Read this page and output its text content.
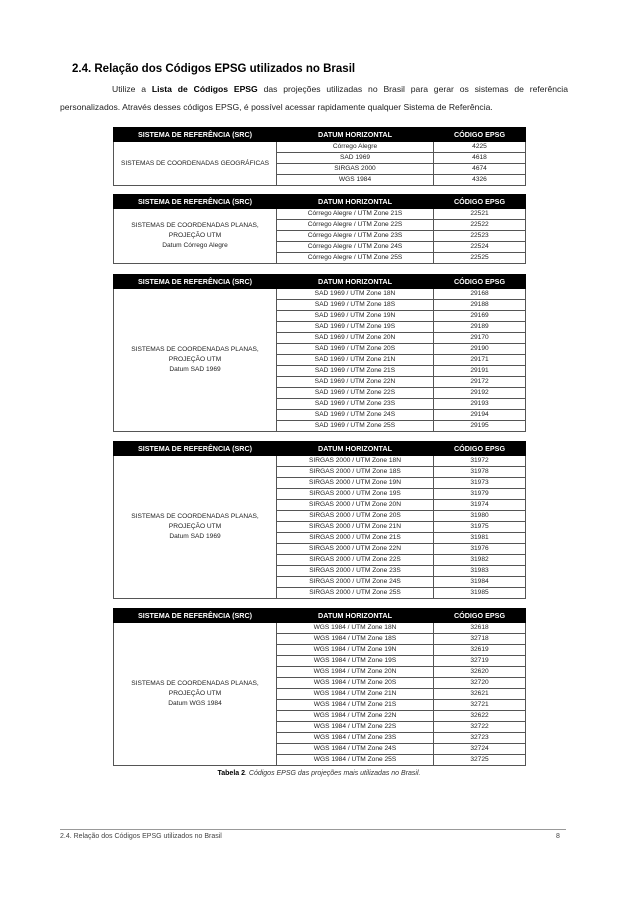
2.4. Relação dos Códigos EPSG utilizados no Brasil
Utilize a Lista de Códigos EPSG das projeções utilizadas no Brasil para gerar os sistemas de referência personalizados. Através desses códigos EPSG, é possível acessar rapidamente qualquer Sistema de Referência.
SISTEMA DE REFERÊNCIA (SRC)	DATUM HORIZONTAL	CÓDIGO EPSG

SISTEMAS DE COORDENADAS GEOGRÁFICAS	Córrego Alegre	4225
	SAD 1969	4618
	SIRGAS 2000	4674
	WGS 1984	4326
SISTEMA DE REFERÊNCIA (SRC)	DATUM HORIZONTAL	CÓDIGO EPSG

SISTEMAS DE COORDENADAS PLANAS,
PROJEÇÃO UTM
Datum Córrego Alegre	Córrego Alegre / UTM Zone 21S	22521
	Córrego Alegre / UTM Zone 22S	22522
	Córrego Alegre / UTM Zone 23S	22523
	Córrego Alegre / UTM Zone 24S	22524
	Córrego Alegre / UTM Zone 25S	22525
SISTEMA DE REFERÊNCIA (SRC)	DATUM HORIZONTAL	CÓDIGO EPSG

SISTEMAS DE COORDENADAS PLANAS,
PROJEÇÃO UTM
Datum SAD 1969	SAD 1969 / UTM Zone 18N	29168
	SAD 1969 / UTM Zone 18S	29188
	SAD 1969 / UTM Zone 19N	29169
	SAD 1969 / UTM Zone 19S	29189
	SAD 1969 / UTM Zone 20N	29170
	SAD 1969 / UTM Zone 20S	29190
	SAD 1969 / UTM Zone 21N	29171
	SAD 1969 / UTM Zone 21S	29191
	SAD 1969 / UTM Zone 22N	29172
	SAD 1969 / UTM Zone 22S	29192
	SAD 1969 / UTM Zone 23S	29193
	SAD 1969 / UTM Zone 24S	29194
	SAD 1969 / UTM Zone 25S	29195
SISTEMA DE REFERÊNCIA (SRC)	DATUM HORIZONTAL	CÓDIGO EPSG

SISTEMAS DE COORDENADAS PLANAS,
PROJEÇÃO UTM
Datum SAD 1969	SIRGAS 2000 / UTM Zone 18N	31972
	SIRGAS 2000 / UTM Zone 18S	31978
	SIRGAS 2000 / UTM Zone 19N	31973
	SIRGAS 2000 / UTM Zone 19S	31979
	SIRGAS 2000 / UTM Zone 20N	31974
	SIRGAS 2000 / UTM Zone 20S	31980
	SIRGAS 2000 / UTM Zone 21N	31975
	SIRGAS 2000 / UTM Zone 21S	31981
	SIRGAS 2000 / UTM Zone 22N	31976
	SIRGAS 2000 / UTM Zone 22S	31982
	SIRGAS 2000 / UTM Zone 23S	31983
	SIRGAS 2000 / UTM Zone 24S	31984
	SIRGAS 2000 / UTM Zone 25S	31985
SISTEMA DE REFERÊNCIA (SRC)	DATUM HORIZONTAL	CÓDIGO EPSG

SISTEMAS DE COORDENADAS PLANAS,
PROJEÇÃO UTM
Datum WGS 1984	WGS 1984 / UTM Zone 18N	32618
	WGS 1984 / UTM Zone 18S	32718
	WGS 1984 / UTM Zone 19N	32619
	WGS 1984 / UTM Zone 19S	32719
	WGS 1984 / UTM Zone 20N	32620
	WGS 1984 / UTM Zone 20S	32720
	WGS 1984 / UTM Zone 21N	32621
	WGS 1984 / UTM Zone 21S	32721
	WGS 1984 / UTM Zone 22N	32622
	WGS 1984 / UTM Zone 22S	32722
	WGS 1984 / UTM Zone 23S	32723
	WGS 1984 / UTM Zone 24S	32724
	WGS 1984 / UTM Zone 25S	32725
Tabela 2. Códigos EPSG das projeções mais utilizadas no Brasil.
2.4. Relação dos Códigos EPSG utilizados no Brasil	8
